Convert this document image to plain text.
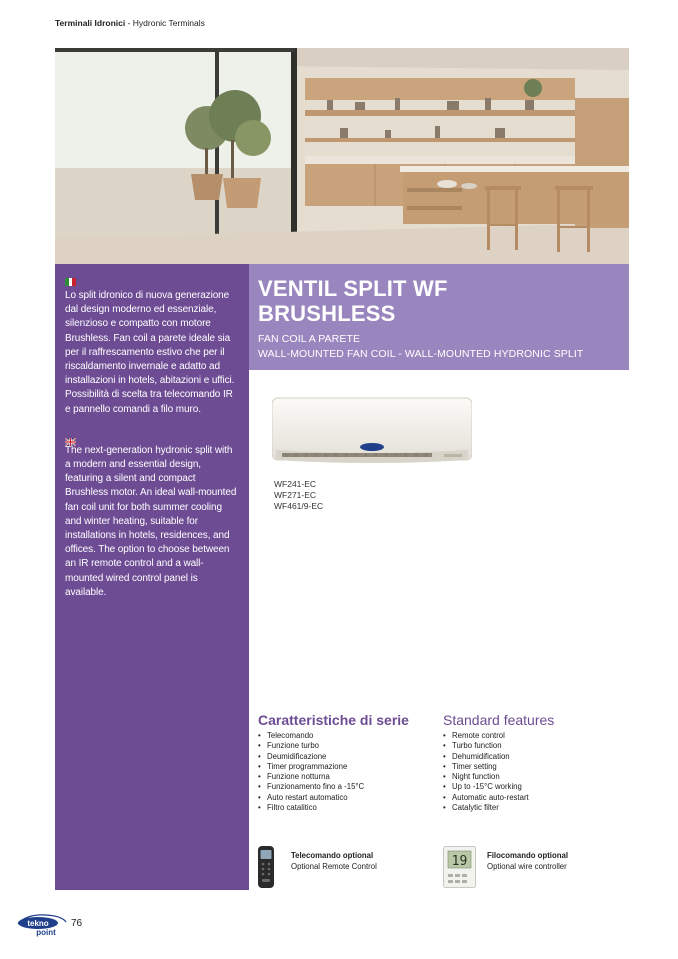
Terminali Idronici - Hydronic Terminals

Lo split idronico di nuova generazione dal design moderno ed essenziale, silenzioso e compatto con motore Brushless. Fan coil a parete ideale sia per il raffrescamento estivo che per il riscaldamento invernale e adatto ad installazioni in hotels, abitazioni e uffici. Possibilità di scelta tra telecomando IR e pannello comandi a filo muro.

The next-generation hydronic split with a modern and essential design, featuring a silent and compact Brushless motor. An ideal wall-mounted fan coil unit for both summer cooling and winter heating, suitable for installations in hotels, residences, and offices. The option to choose between an IR remote control and a wall-mounted wired control panel is available.

VENTIL SPLIT WF
BRUSHLESS
FAN COIL A PARETE
WALL-MOUNTED FAN COIL - WALL-MOUNTED HYDRONIC SPLIT
WF241-EC
WF271-EC
WF461/9-EC
Caratteristiche di serie Standard features
• Telecomando
• Funzione turbo
• Deumidificazione
• Timer programmazione
• Funzione notturna
• Funzionamento fino a -15°C
• Auto restart automatico
• Filtro catalitico
• Remote control
• Turbo function
• Dehumidification
• Timer setting
• Night function
• Up to -15°C working
• Automatic auto-restart
• Catalytic filter
Telecomando optional
Optional Remote Control	19	Filocomando optional
Optional wire controller
tekno
point
76
